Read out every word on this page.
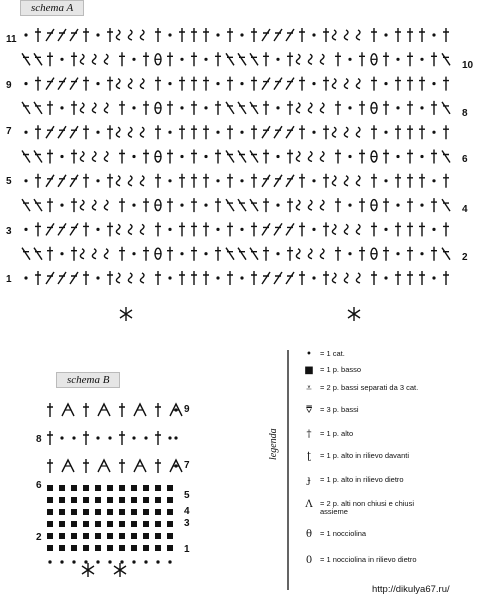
schema A
schema B
11
9
7
5
3
1
10
8
6
4
2
8
6
2
9
7
5
4
3
1
legenda
•	= 1 cat.
■ = 1 p. basso
⩡	= 2 p. bassi separati da 3 cat.
⩢	= 3 p. bassi
†	= 1 p. alto
ʈ	= 1 p. alto in rilievo davanti
ɟ	= 1 p. alto in rilievo dietro
Λ = 2 p. alti non chiusi e chiusi assieme
θ	= 1 nocciolina
0	= 1 nocciolina in rilievo dietro
http://dikulya67.ru/
